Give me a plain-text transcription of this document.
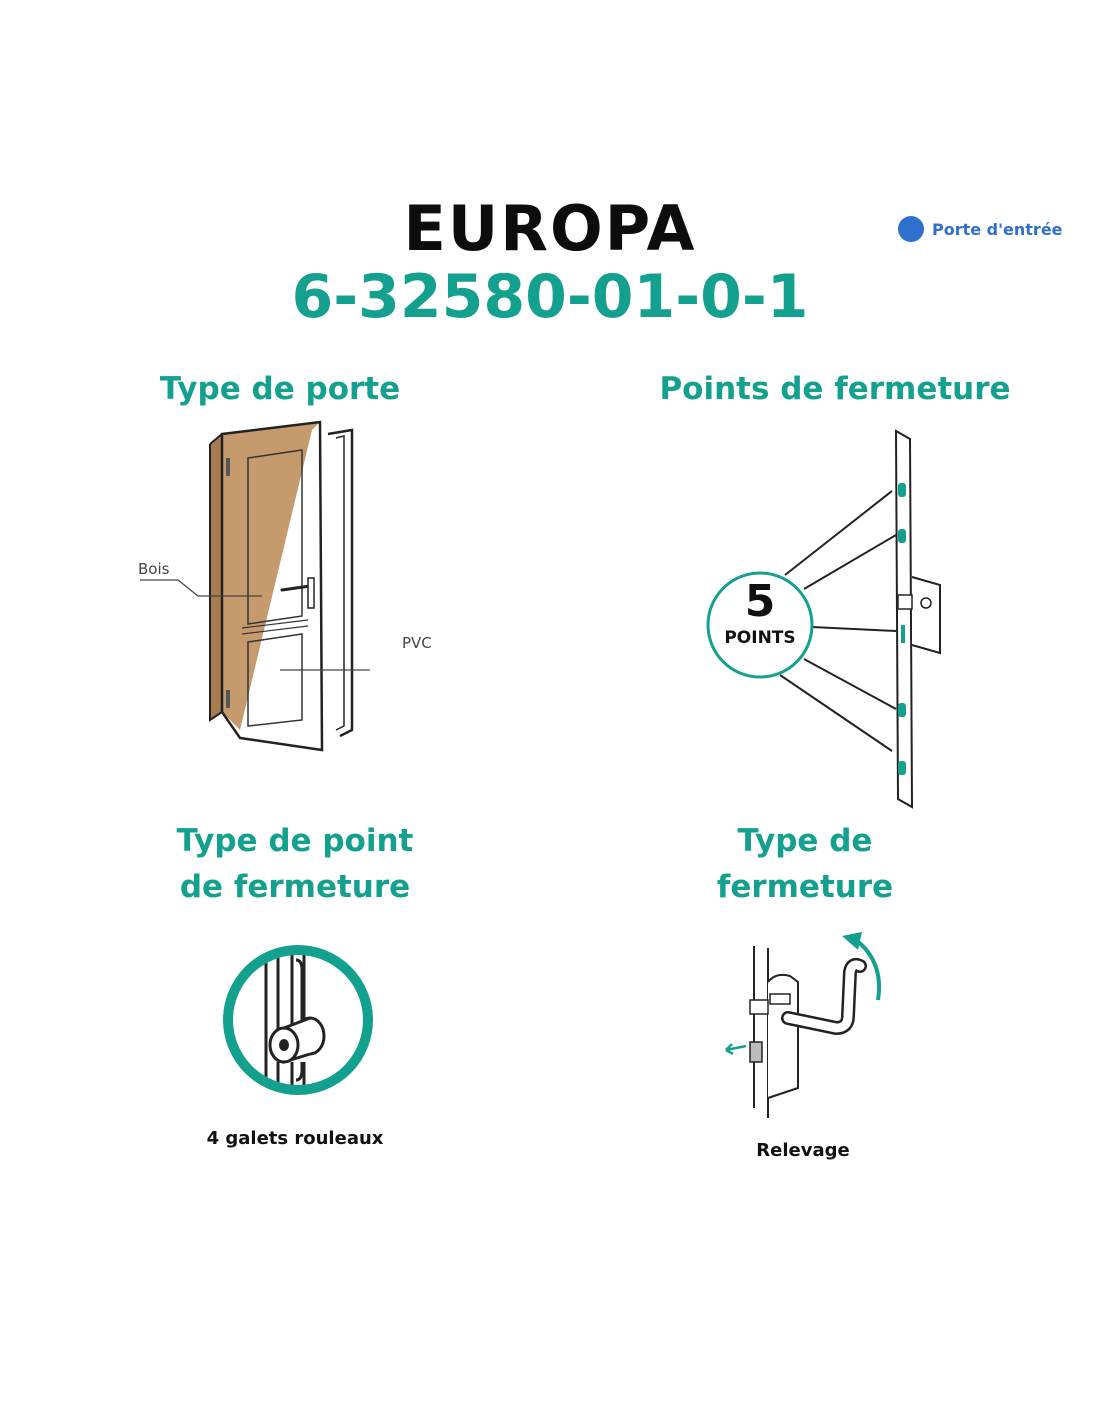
EUROPA
6-32580-01-0-1
Porte d'entrée
Type de porte	Points de fermeture
Type de point
de fermeture
Type de
fermeture
Bois
PVC
5
POINTS
4 galets rouleaux
Relevage
